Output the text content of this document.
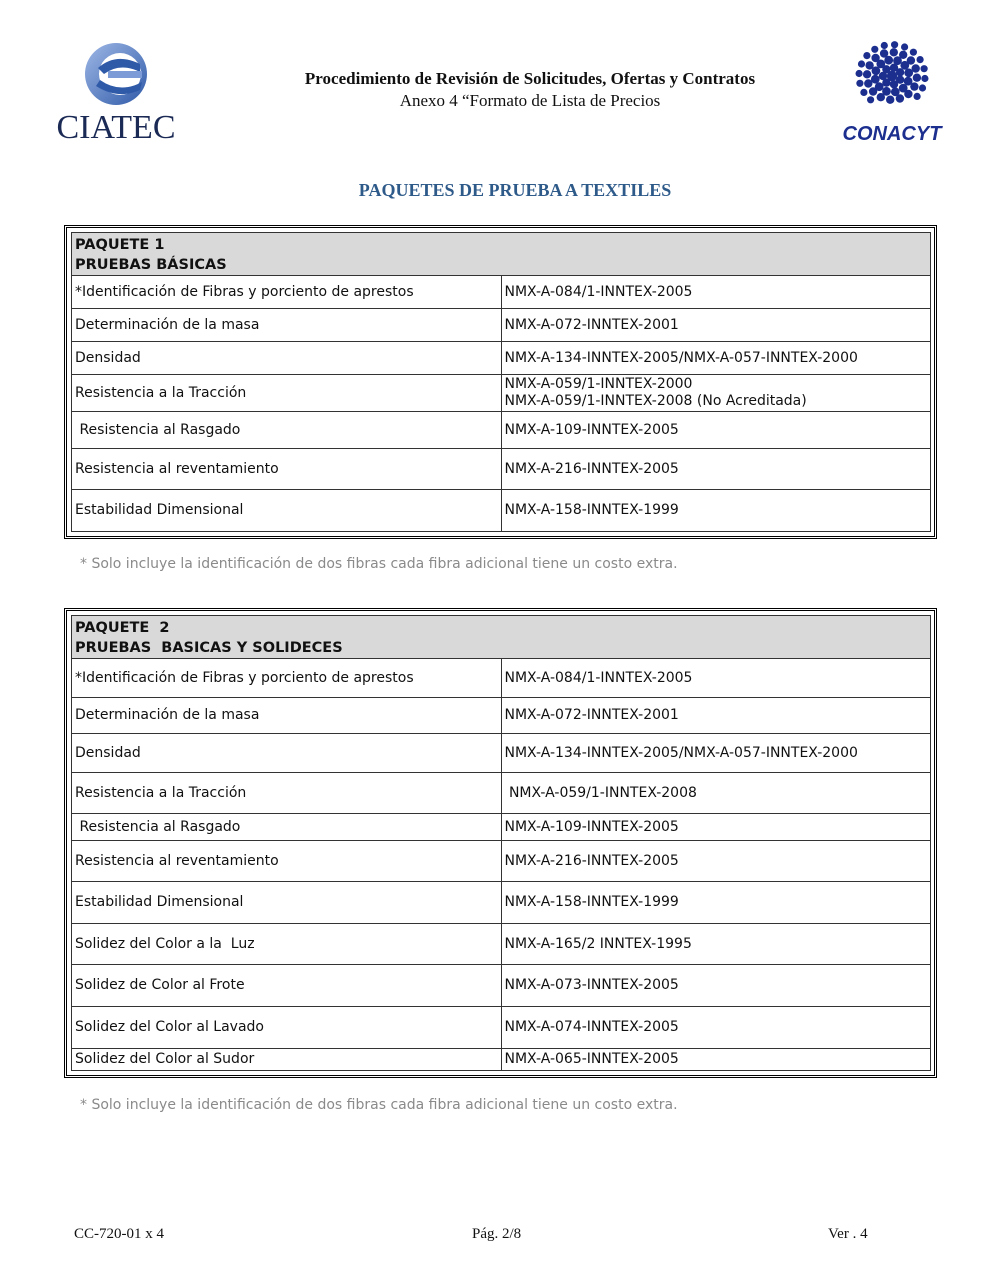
CIATEC
Procedimiento de Revisión de Solicitudes, Ofertas y Contratos
Anexo 4 “Formato de Lista de Precios
CONACYT
PAQUETES DE PRUEBA A TEXTILES
PAQUETE 1
PRUEBAS BÁSICAS	

*Identificación de Fibras y porciento de aprestos	NMX-A-084/1-INNTEX-2005
Determinación de la masa	NMX-A-072-INNTEX-2001
Densidad	NMX-A-134-INNTEX-2005/NMX-A-057-INNTEX-2000
Resistencia a la Tracción	NMX-A-059/1-INNTEX-2000
NMX-A-059/1-INNTEX-2008 (No Acreditada)

Resistencia al Rasgado	NMX-A-109-INNTEX-2005
Resistencia al reventamiento	NMX-A-216-INNTEX-2005
Estabilidad Dimensional	NMX-A-158-INNTEX-1999
* Solo incluye la identificación de dos fibras cada fibra adicional tiene un costo extra.
PAQUETE  2
PRUEBAS  BASICAS Y SOLIDECES	

*Identificación de Fibras y porciento de aprestos	NMX-A-084/1-INNTEX-2005
Determinación de la masa	NMX-A-072-INNTEX-2001
Densidad	NMX-A-134-INNTEX-2005/NMX-A-057-INNTEX-2000
Resistencia a la Tracción	NMX-A-059/1-INNTEX-2008
Resistencia al Rasgado	NMX-A-109-INNTEX-2005
Resistencia al reventamiento	NMX-A-216-INNTEX-2005
Estabilidad Dimensional	NMX-A-158-INNTEX-1999
Solidez del Color a la  Luz	NMX-A-165/2 INNTEX-1995
Solidez de Color al Frote	NMX-A-073-INNTEX-2005
Solidez del Color al Lavado	NMX-A-074-INNTEX-2005
Solidez del Color al Sudor	NMX-A-065-INNTEX-2005
* Solo incluye la identificación de dos fibras cada fibra adicional tiene un costo extra.
CC-720-01 x 4	Pág. 2/8	Ver . 4
